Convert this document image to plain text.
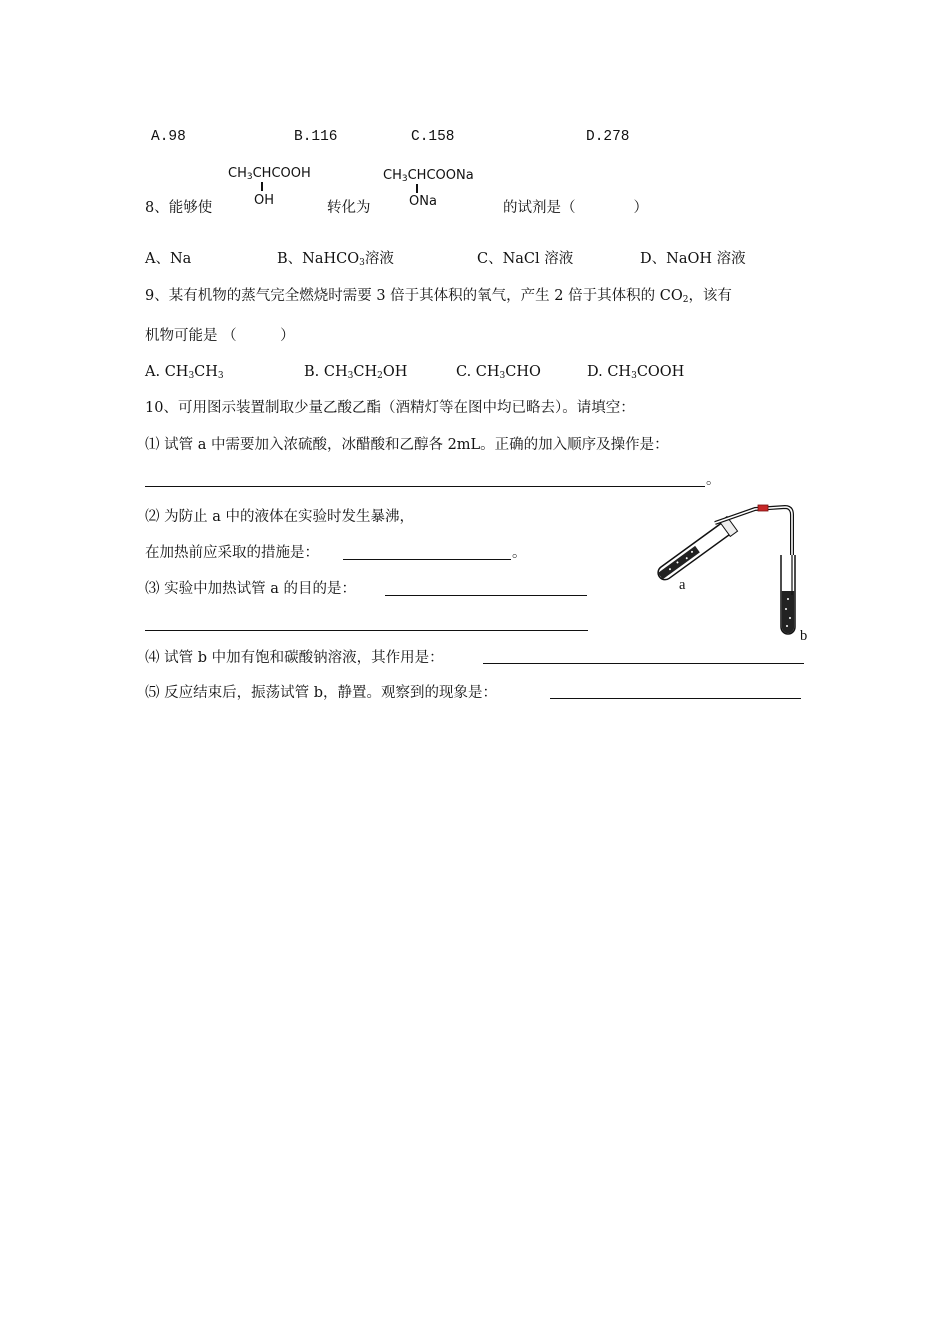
A.98	B.116	C.158	D.278
8、能够使
$CH_3CHCOOH$
OH	转化为
$CH_3CHCOONa$
ONa	的试剂是（　　　　）
A、Na	B、NaHCO$_3$溶液	C、NaCl 溶液	D、NaOH 溶液
9、某有机物的蒸气完全燃烧时需要 3 倍于其体积的氧气，产生 2 倍于其体积的 $CO_2$，该有
机物可能是 （　　　）
A. $CH_3CH_3$	B. $CH_3CH_2OH$	C. $CH_3CHO$	D. $CH_3COOH$
10、可用图示装置制取少量乙酸乙酯（酒精灯等在图中均已略去）。请填空：
⑴ 试管 a 中需要加入浓硫酸，冰醋酸和乙醇各 2mL。正确的加入顺序及操作是：
。
⑵ 为防止 a 中的液体在实验时发生暴沸，
在加热前应采取的措施是：	。
⑶ 实验中加热试管 a 的目的是：
⑷ 试管 b 中加有饱和碳酸钠溶液，其作用是：
⑸ 反应结束后，振荡试管 b，静置。观察到的现象是：
a
b
